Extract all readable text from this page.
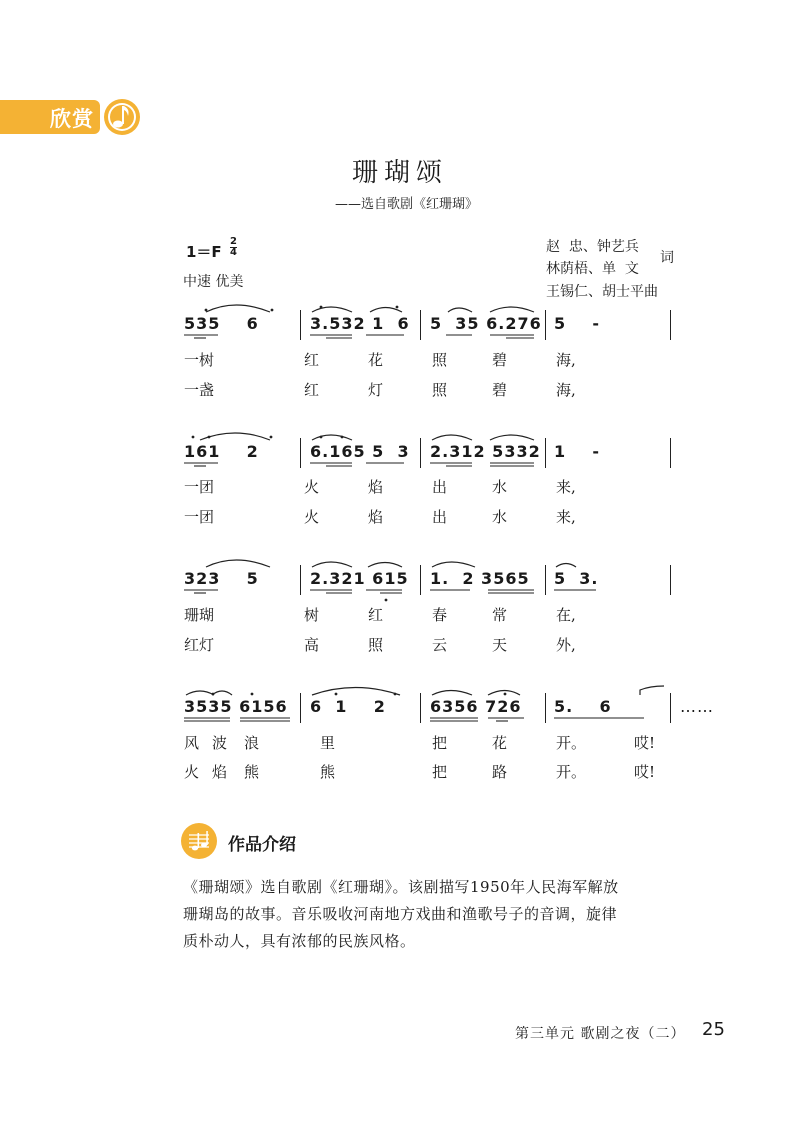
欣赏
珊瑚颂
——选自歌剧《红珊瑚》
1＝F
2
4
中速 优美
赵  忠、钟艺兵
林荫梧、单  文
词
王锡仁、胡士平曲
535    6	3.532 1  6 5  35 6.276 5    -
一树	红	花	照	碧	海,
一盏	红	灯	照	碧	海,
161    2	6.165 5  3 2.312 5332 1    -
一团	火	焰	出	水	来,
一团	火	焰	出	水	来,
323    5	2.321 615 1.  2 3565 5  3.
珊瑚	树	红	春	常	在,
红灯	高	照	云	天	外,
3535 6156 6  1    2	6356 726 5.    6	……
风 波 浪	里	把	花	开。	哎!
火 焰 熊	熊	把	路	开。	哎!
作品介绍
《珊瑚颂》选自歌剧《红珊瑚》。该剧描写1950年人民海军解放
珊瑚岛的故事。音乐吸收河南地方戏曲和渔歌号子的音调，旋律
质朴动人，具有浓郁的民族风格。
第三单元 歌剧之夜（二） 25
